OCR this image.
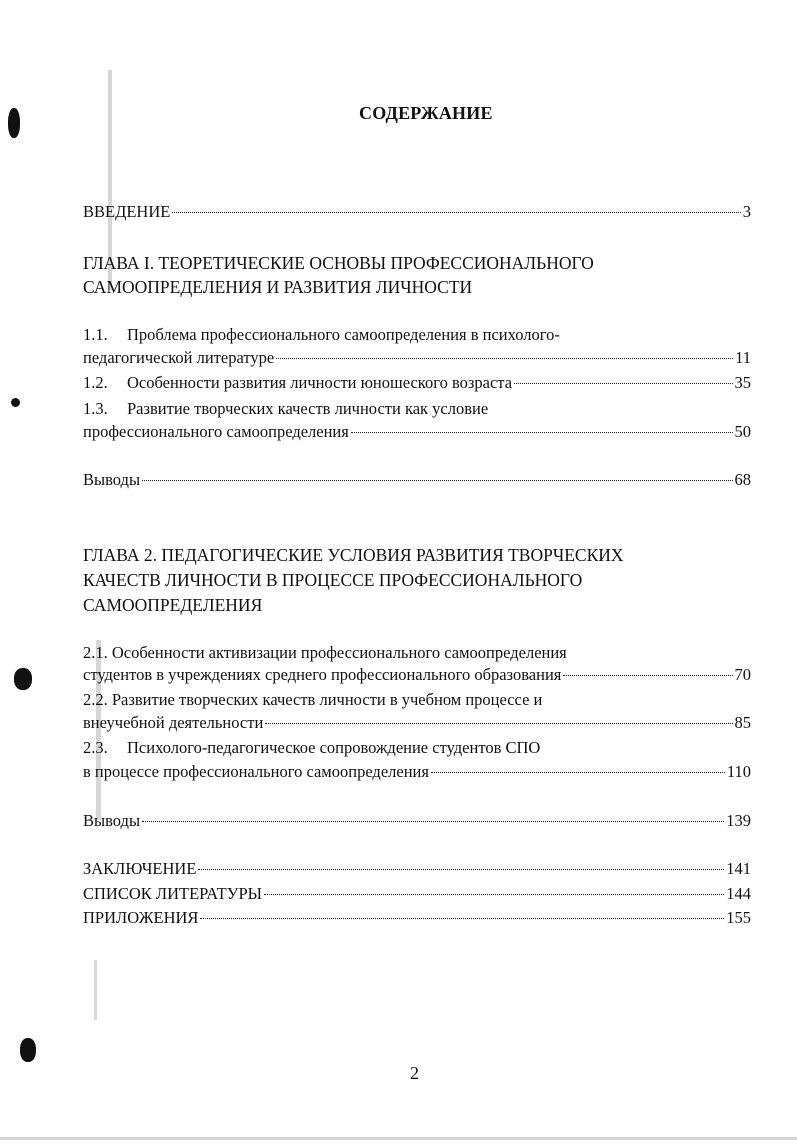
СОДЕРЖАНИЕ
ВВЕДЕНИЕ	3
ГЛАВА I. ТЕОРЕТИЧЕСКИЕ ОСНОВЫ ПРОФЕССИОНАЛЬНОГО
САМООПРЕДЕЛЕНИЯ И РАЗВИТИЯ ЛИЧНОСТИ
1.1. Проблема профессионального самоопределения в психолого-
педагогической литературе	11
1.2.	Особенности развития личности юношеского возраста	35
1.3. Развитие творческих качеств личности как условие
профессионального самоопределения	50
Выводы	68
ГЛАВА 2. ПЕДАГОГИЧЕСКИЕ УСЛОВИЯ РАЗВИТИЯ ТВОРЧЕСКИХ
КАЧЕСТВ ЛИЧНОСТИ В ПРОЦЕССЕ ПРОФЕССИОНАЛЬНОГО
САМООПРЕДЕЛЕНИЯ
2.1. Особенности активизации профессионального самоопределения
студентов в учреждениях среднего профессионального образования	70
2.2. Развитие творческих качеств личности в учебном процессе и
внеучебной деятельности	85
2.3. Психолого-педагогическое сопровождение студентов СПО
в процессе профессионального самоопределения	110
Выводы	139
ЗАКЛЮЧЕНИЕ	141
СПИСОК ЛИТЕРАТУРЫ	144
ПРИЛОЖЕНИЯ	155
2
